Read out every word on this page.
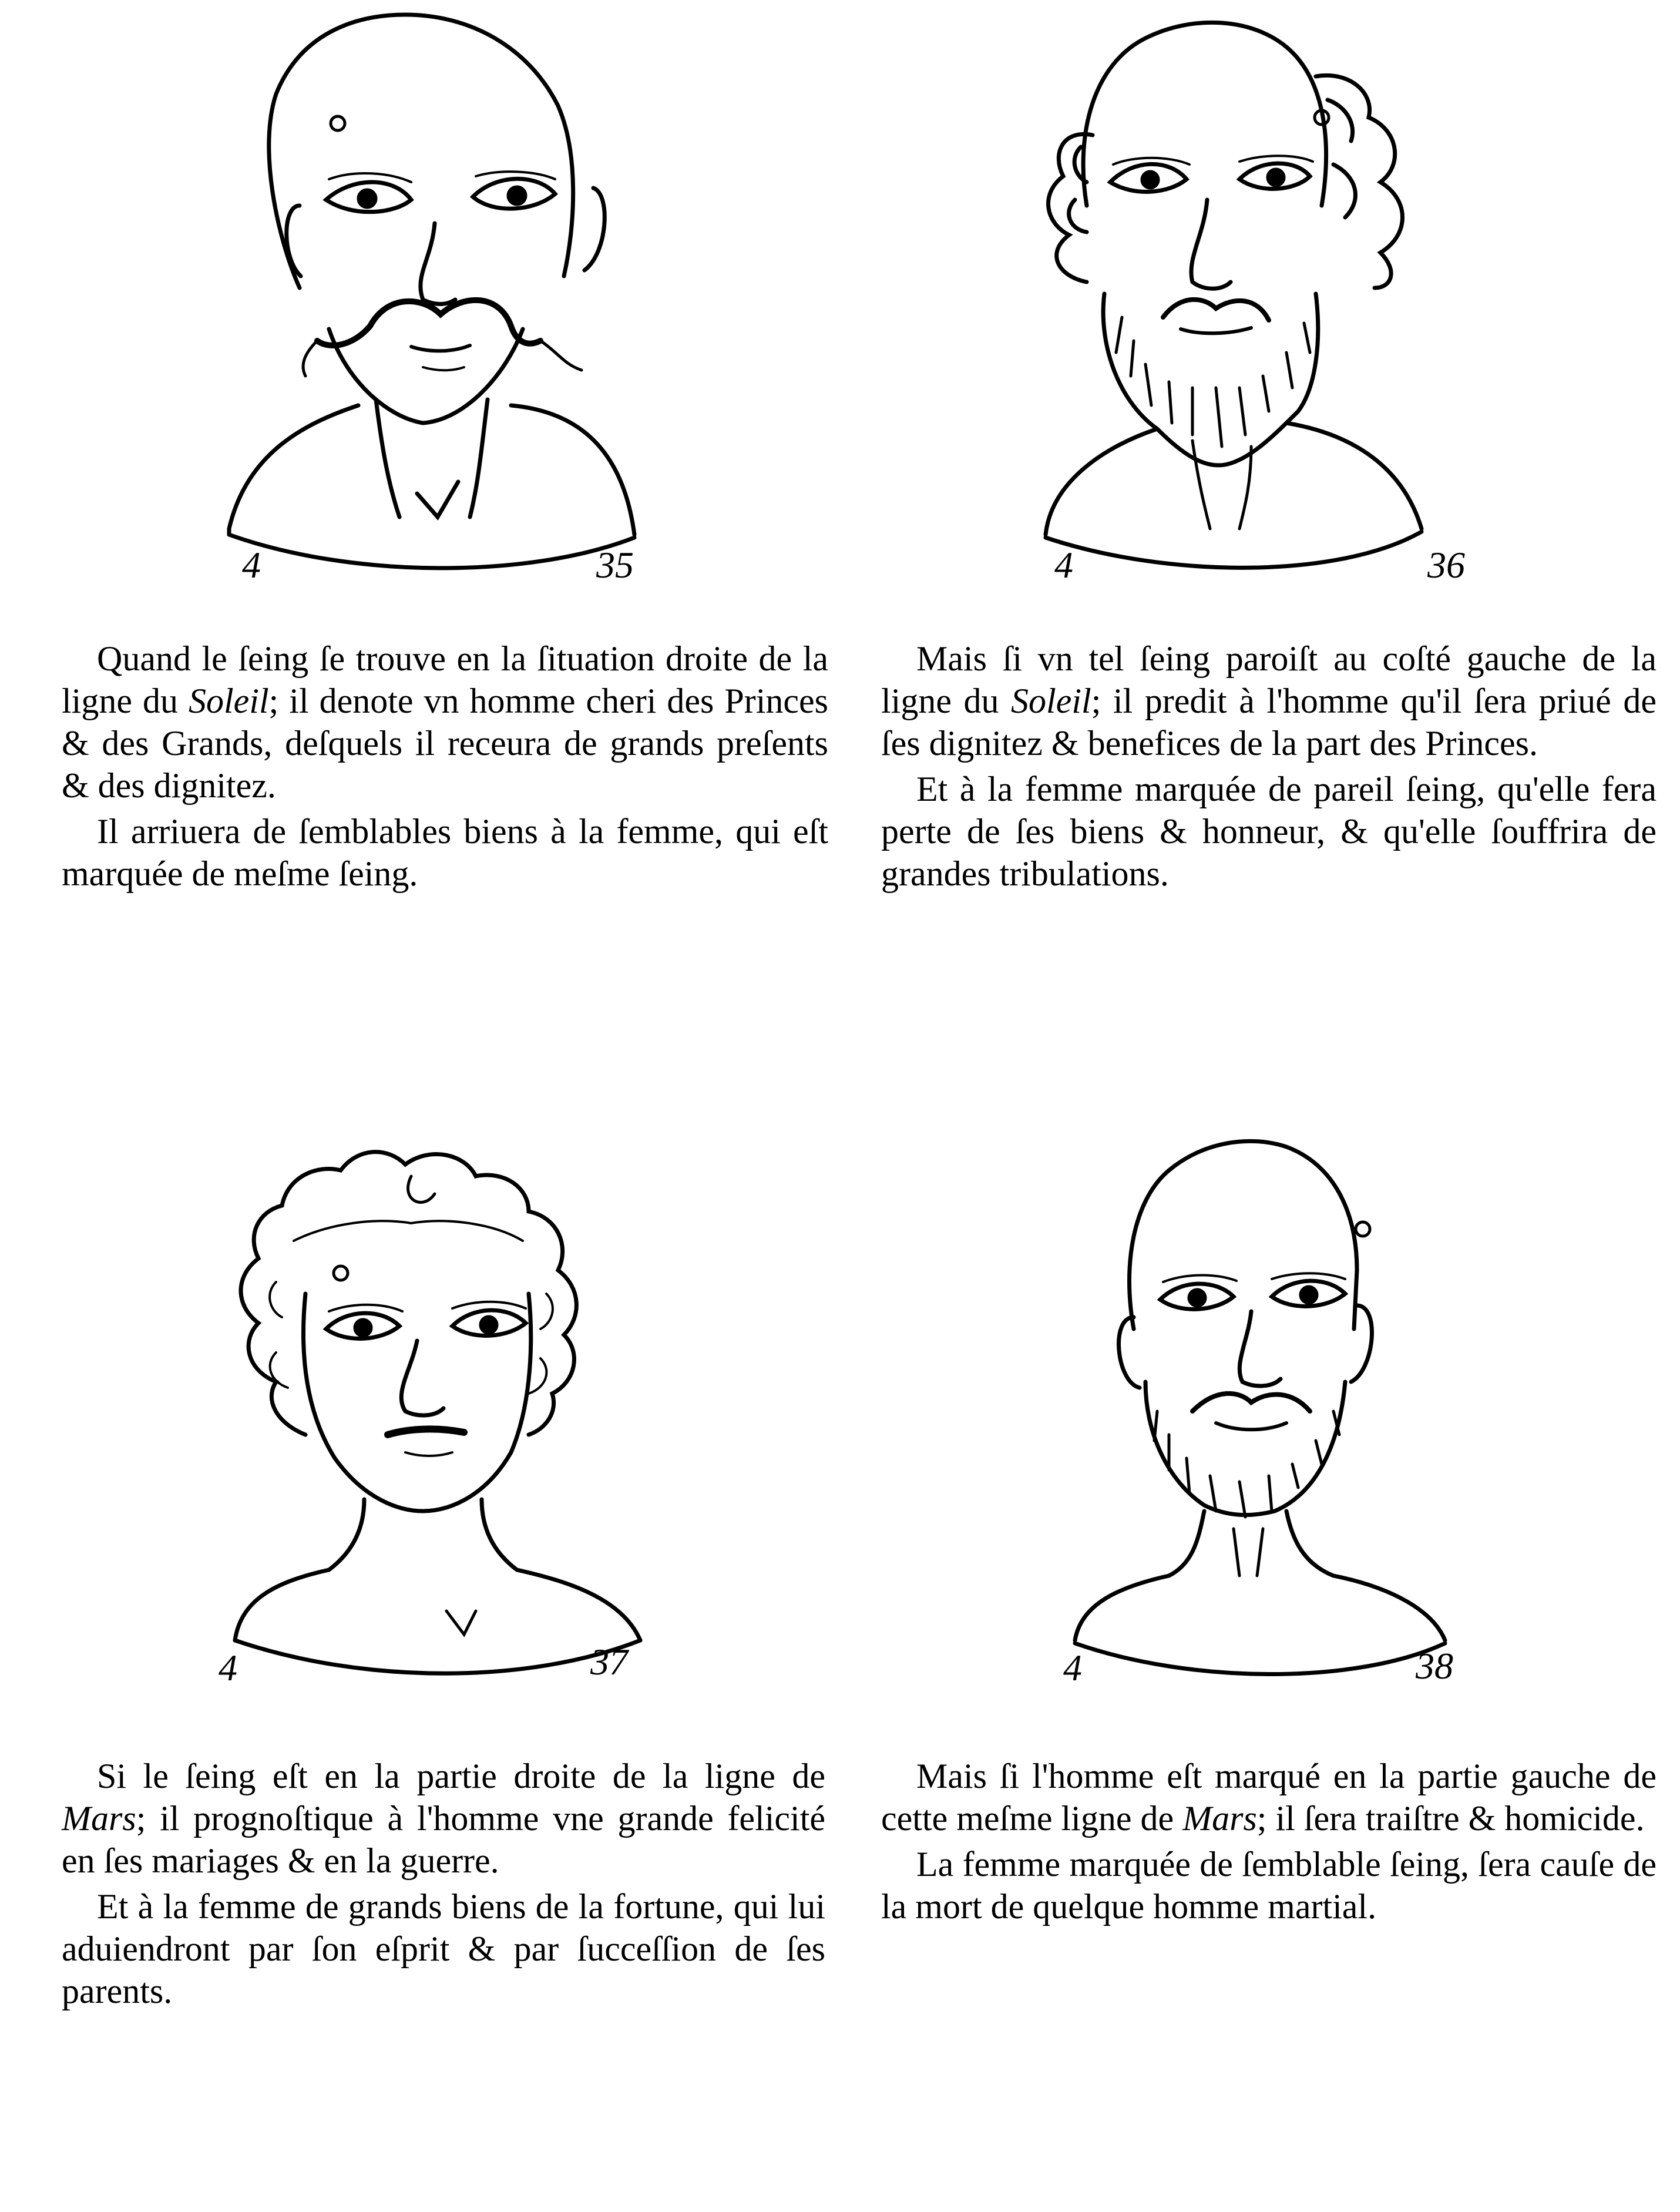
4	35

Quand le ſeing ſe trouve en la ſituation droite de la ligne du Soleil; il denote vn homme cheri des Princes & des Grands, deſquels il receura de grands preſents & des dignitez.

Il arriuera de ſemblables biens à la femme, qui eſt marquée de meſme ſeing.

4	36

Mais ſi vn tel ſeing paroiſt au coſté gauche de la ligne du Soleil; il predit à l'homme qu'il ſera priué de ſes dignitez & benefices de la part des Princes.

Et à la femme marquée de pareil ſeing, qu'elle fera perte de ſes biens & honneur, & qu'elle ſouffrira de grandes tribulations.

4	37

Si le ſeing eſt en la partie droite de la ligne de Mars; il prognoſtique à l'homme vne grande felicité en ſes mariages & en la guerre.

Et à la femme de grands biens de la fortune, qui lui aduiendront par ſon eſprit & par ſucceſſion de ſes parents.

4	38

Mais ſi l'homme eſt marqué en la partie gauche de cette meſme ligne de Mars; il ſera traiſtre & homicide.

La femme marquée de ſemblable ſeing, ſera cauſe de la mort de quelque homme martial.
